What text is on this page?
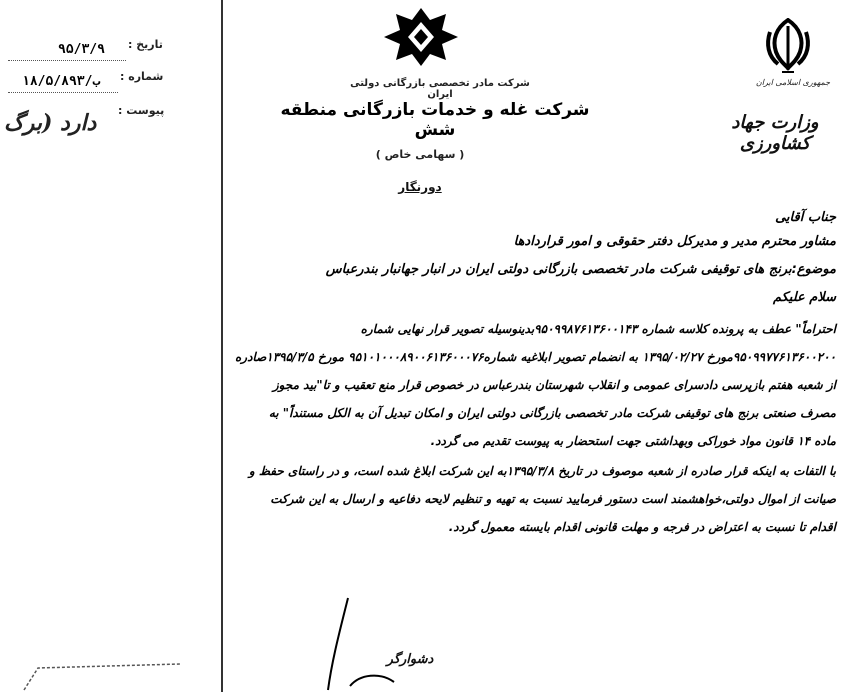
تاریخ :
۹۵/۳/۹
شماره :
۱۸/۵/۸۹۳/ب
پیوست :
دارد (برگ
شرکت مادر تخصصی بازرگانی دولتی ایران
شرکت غله و خدمات بازرگانی منطقه شش
( سهامی خاص )
جمهوری اسلامی ایران
وزارت جهاد کشاورزی
دورنگار
جناب آقایی
مشاور محترم مدیر و مدیرکل دفتر حقوقی و امور قراردادها
موضوع:برنج های توقیفی شرکت مادر تخصصی بازرگانی دولتی ایران در انبار جهانبار بندرعباس
سلام علیکم
احتراماً" عطف به پرونده کلاسه شماره ۹۵۰۹۹۸۷۶۱۳۶۰۰۱۴۳بدینوسیله تصویر قرار نهایی شماره
۹۵۰۹۹۷۷۶۱۳۶۰۰۲۰۰مورخ ۱۳۹۵/۰۲/۲۷ به انضمام تصویر ابلاغیه شماره۹۵۱۰۱۰۰۰۸۹۰۰۶۱۳۶۰۰۰۷۶ مورخ ۱۳۹۵/۳/۵صادره
از شعبه هفتم بازپرسی دادسرای عمومی و انقلاب شهرستان بندرعباس در خصوص قرار منع تعقیب و تا"بید مجوز
مصرف صنعتی برنج های توقیفی شرکت مادر تخصصی بازرگانی دولتی ایران و امکان تبدیل آن به الکل مستنداً" به
ماده ۱۴ قانون مواد خوراکی وبهداشتی جهت استحضار به پیوست تقدیم می گردد.
با التفات به اینکه قرار صادره از شعبه موصوف در تاریخ ۱۳۹۵/۳/۸به این شرکت ابلاغ شده است، و در راستای حفظ و
صیانت از اموال دولتی،خواهشمند است دستور فرمایید نسبت به تهیه و تنظیم لایحه دفاعیه و ارسال به این شرکت
اقدام تا نسبت به اعتراض در فرجه و مهلت قانونی اقدام بایسته معمول گردد.
دشوارگر
